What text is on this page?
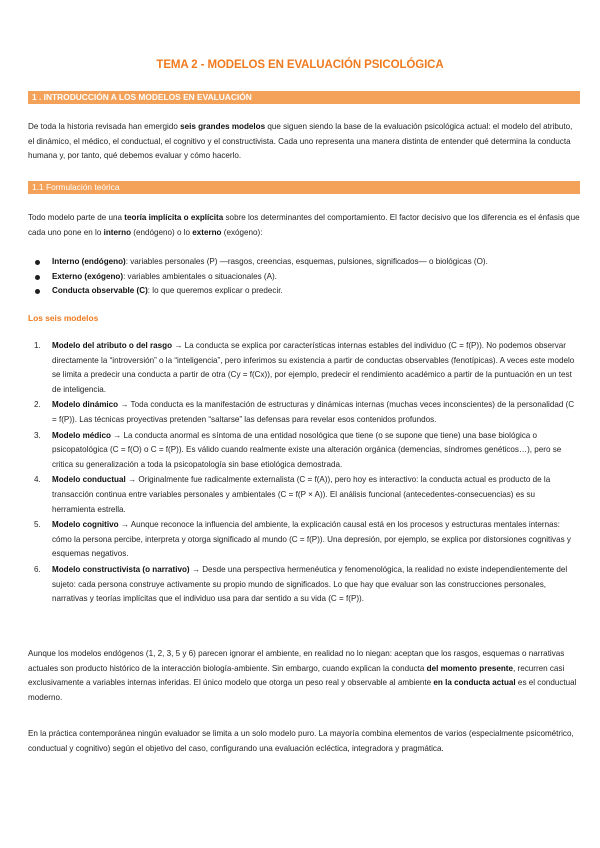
TEMA 2 - MODELOS EN EVALUACIÓN PSICOLÓGICA
1 . INTRODUCCIÓN A LOS MODELOS EN EVALUACIÓN

De toda la historia revisada han emergido seis grandes modelos que siguen siendo la base de la evaluación psicológica actual: el modelo del atributo, el dinámico, el médico, el conductual, el cognitivo y el constructivista. Cada uno representa una manera distinta de entender qué determina la conducta humana y, por tanto, qué debemos evaluar y cómo hacerlo.

1.1 Formulación teórica

Todo modelo parte de una teoría implícita o explícita sobre los determinantes del comportamiento. El factor decisivo que los diferencia es el énfasis que cada uno pone en lo interno (endógeno) o lo externo (exógeno):

Interno (endógeno): variables personales (P) —rasgos, creencias, esquemas, pulsiones, significados— o biológicas (O).
Externo (exógeno): variables ambientales o situacionales (A).
Conducta observable (C): lo que queremos explicar o predecir.
Los seis modelos
1. Modelo del atributo o del rasgo → La conducta se explica por características internas estables del individuo (C = f(P)). No podemos observar directamente la “introversión” o la “inteligencia”, pero inferimos su existencia a partir de conductas observables (fenotípicas). A veces este modelo se limita a predecir una conducta a partir de otra (Cy = f(Cx)), por ejemplo, predecir el rendimiento académico a partir de la puntuación en un test de inteligencia.
2. Modelo dinámico → Toda conducta es la manifestación de estructuras y dinámicas internas (muchas veces inconscientes) de la personalidad (C = f(P)). Las técnicas proyectivas pretenden “saltarse” las defensas para revelar esos contenidos profundos.
3. Modelo médico → La conducta anormal es síntoma de una entidad nosológica que tiene (o se supone que tiene) una base biológica o psicopatológica (C = f(O) o C = f(P)). Es válido cuando realmente existe una alteración orgánica (demencias, síndromes genéticos…), pero se critica su generalización a toda la psicopatología sin base etiológica demostrada.
4. Modelo conductual → Originalmente fue radicalmente externalista (C = f(A)), pero hoy es interactivo: la conducta actual es producto de la transacción continua entre variables personales y ambientales (C = f(P × A)). El análisis funcional (antecedentes-consecuencias) es su herramienta estrella.
5. Modelo cognitivo → Aunque reconoce la influencia del ambiente, la explicación causal está en los procesos y estructuras mentales internas: cómo la persona percibe, interpreta y otorga significado al mundo (C = f(P)). Una depresión, por ejemplo, se explica por distorsiones cognitivas y esquemas negativos.
6. Modelo constructivista (o narrativo) → Desde una perspectiva hermenéutica y fenomenológica, la realidad no existe independientemente del sujeto: cada persona construye activamente su propio mundo de significados. Lo que hay que evaluar son las construcciones personales, narrativas y teorías implícitas que el individuo usa para dar sentido a su vida (C = f(P)).

Aunque los modelos endógenos (1, 2, 3, 5 y 6) parecen ignorar el ambiente, en realidad no lo niegan: aceptan que los rasgos, esquemas o narrativas actuales son producto histórico de la interacción biología-ambiente. Sin embargo, cuando explican la conducta del momento presente, recurren casi exclusivamente a variables internas inferidas. El único modelo que otorga un peso real y observable al ambiente en la conducta actual es el conductual moderno.

En la práctica contemporánea ningún evaluador se limita a un solo modelo puro. La mayoría combina elementos de varios (especialmente psicométrico, conductual y cognitivo) según el objetivo del caso, configurando una evaluación ecléctica, integradora y pragmática.
